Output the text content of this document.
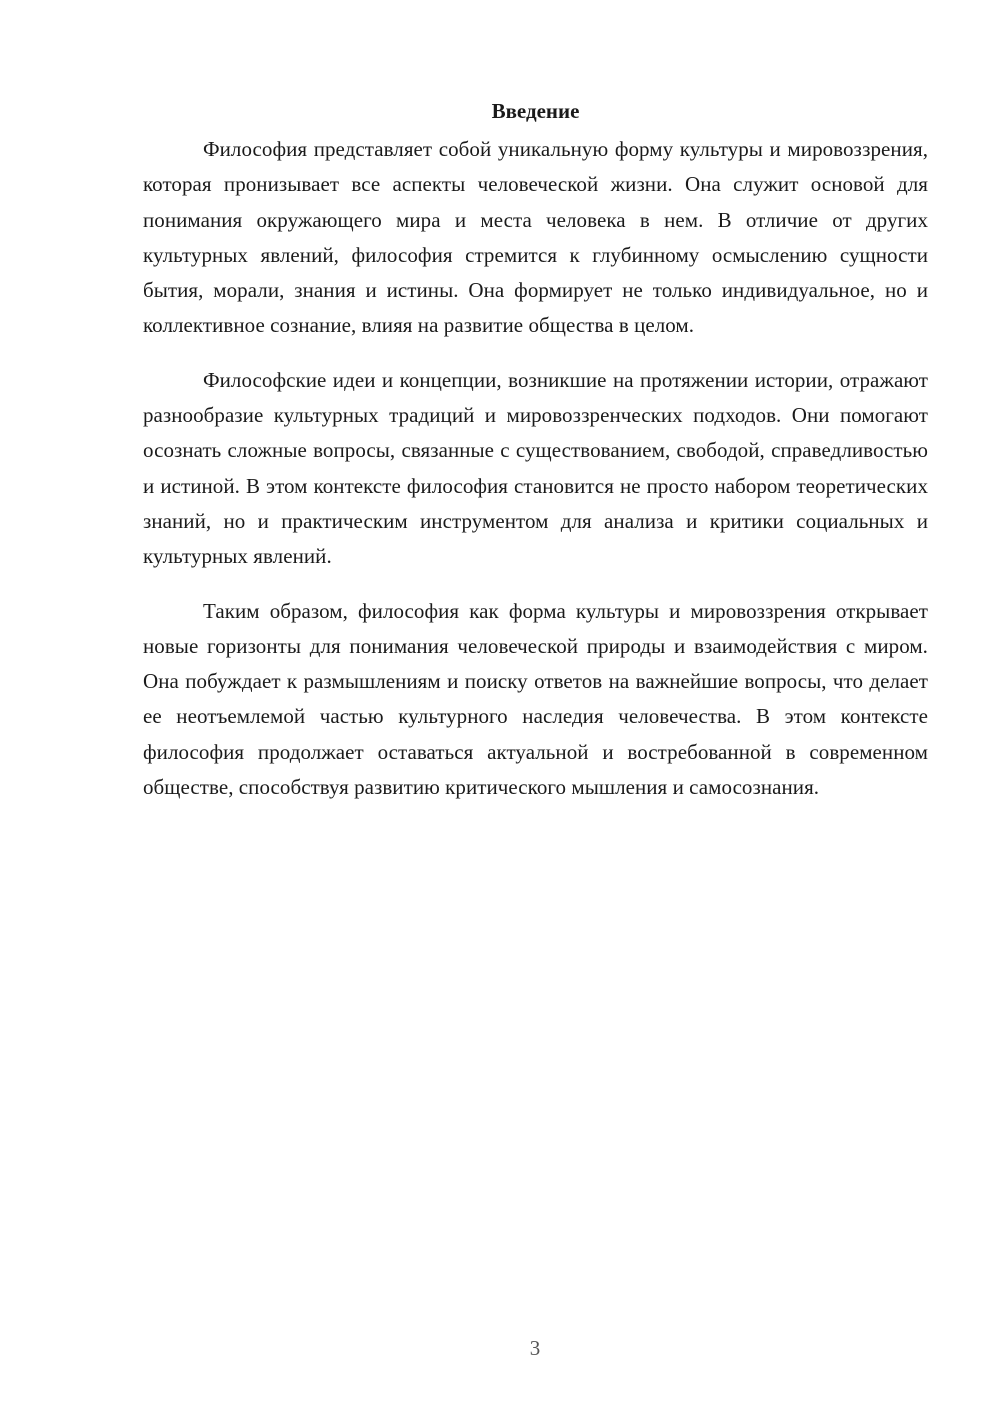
Введение

Философия представляет собой уникальную форму культуры и мировоззрения, которая пронизывает все аспекты человеческой жизни. Она служит основой для понимания окружающего мира и места человека в нем. В отличие от других культурных явлений, философия стремится к глубинному осмыслению сущности бытия, морали, знания и истины. Она формирует не только индивидуальное, но и коллективное сознание, влияя на развитие общества в целом.

Философские идеи и концепции, возникшие на протяжении истории, отражают разнообразие культурных традиций и мировоззренческих подходов. Они помогают осознать сложные вопросы, связанные с существованием, свободой, справедливостью и истиной. В этом контексте философия становится не просто набором теоретических знаний, но и практическим инструментом для анализа и критики социальных и культурных явлений.

Таким образом, философия как форма культуры и мировоззрения открывает новые горизонты для понимания человеческой природы и взаимодействия с миром. Она побуждает к размышлениям и поиску ответов на важнейшие вопросы, что делает ее неотъемлемой частью культурного наследия человечества. В этом контексте философия продолжает оставаться актуальной и востребованной в современном обществе, способствуя развитию критического мышления и самосознания.

3
